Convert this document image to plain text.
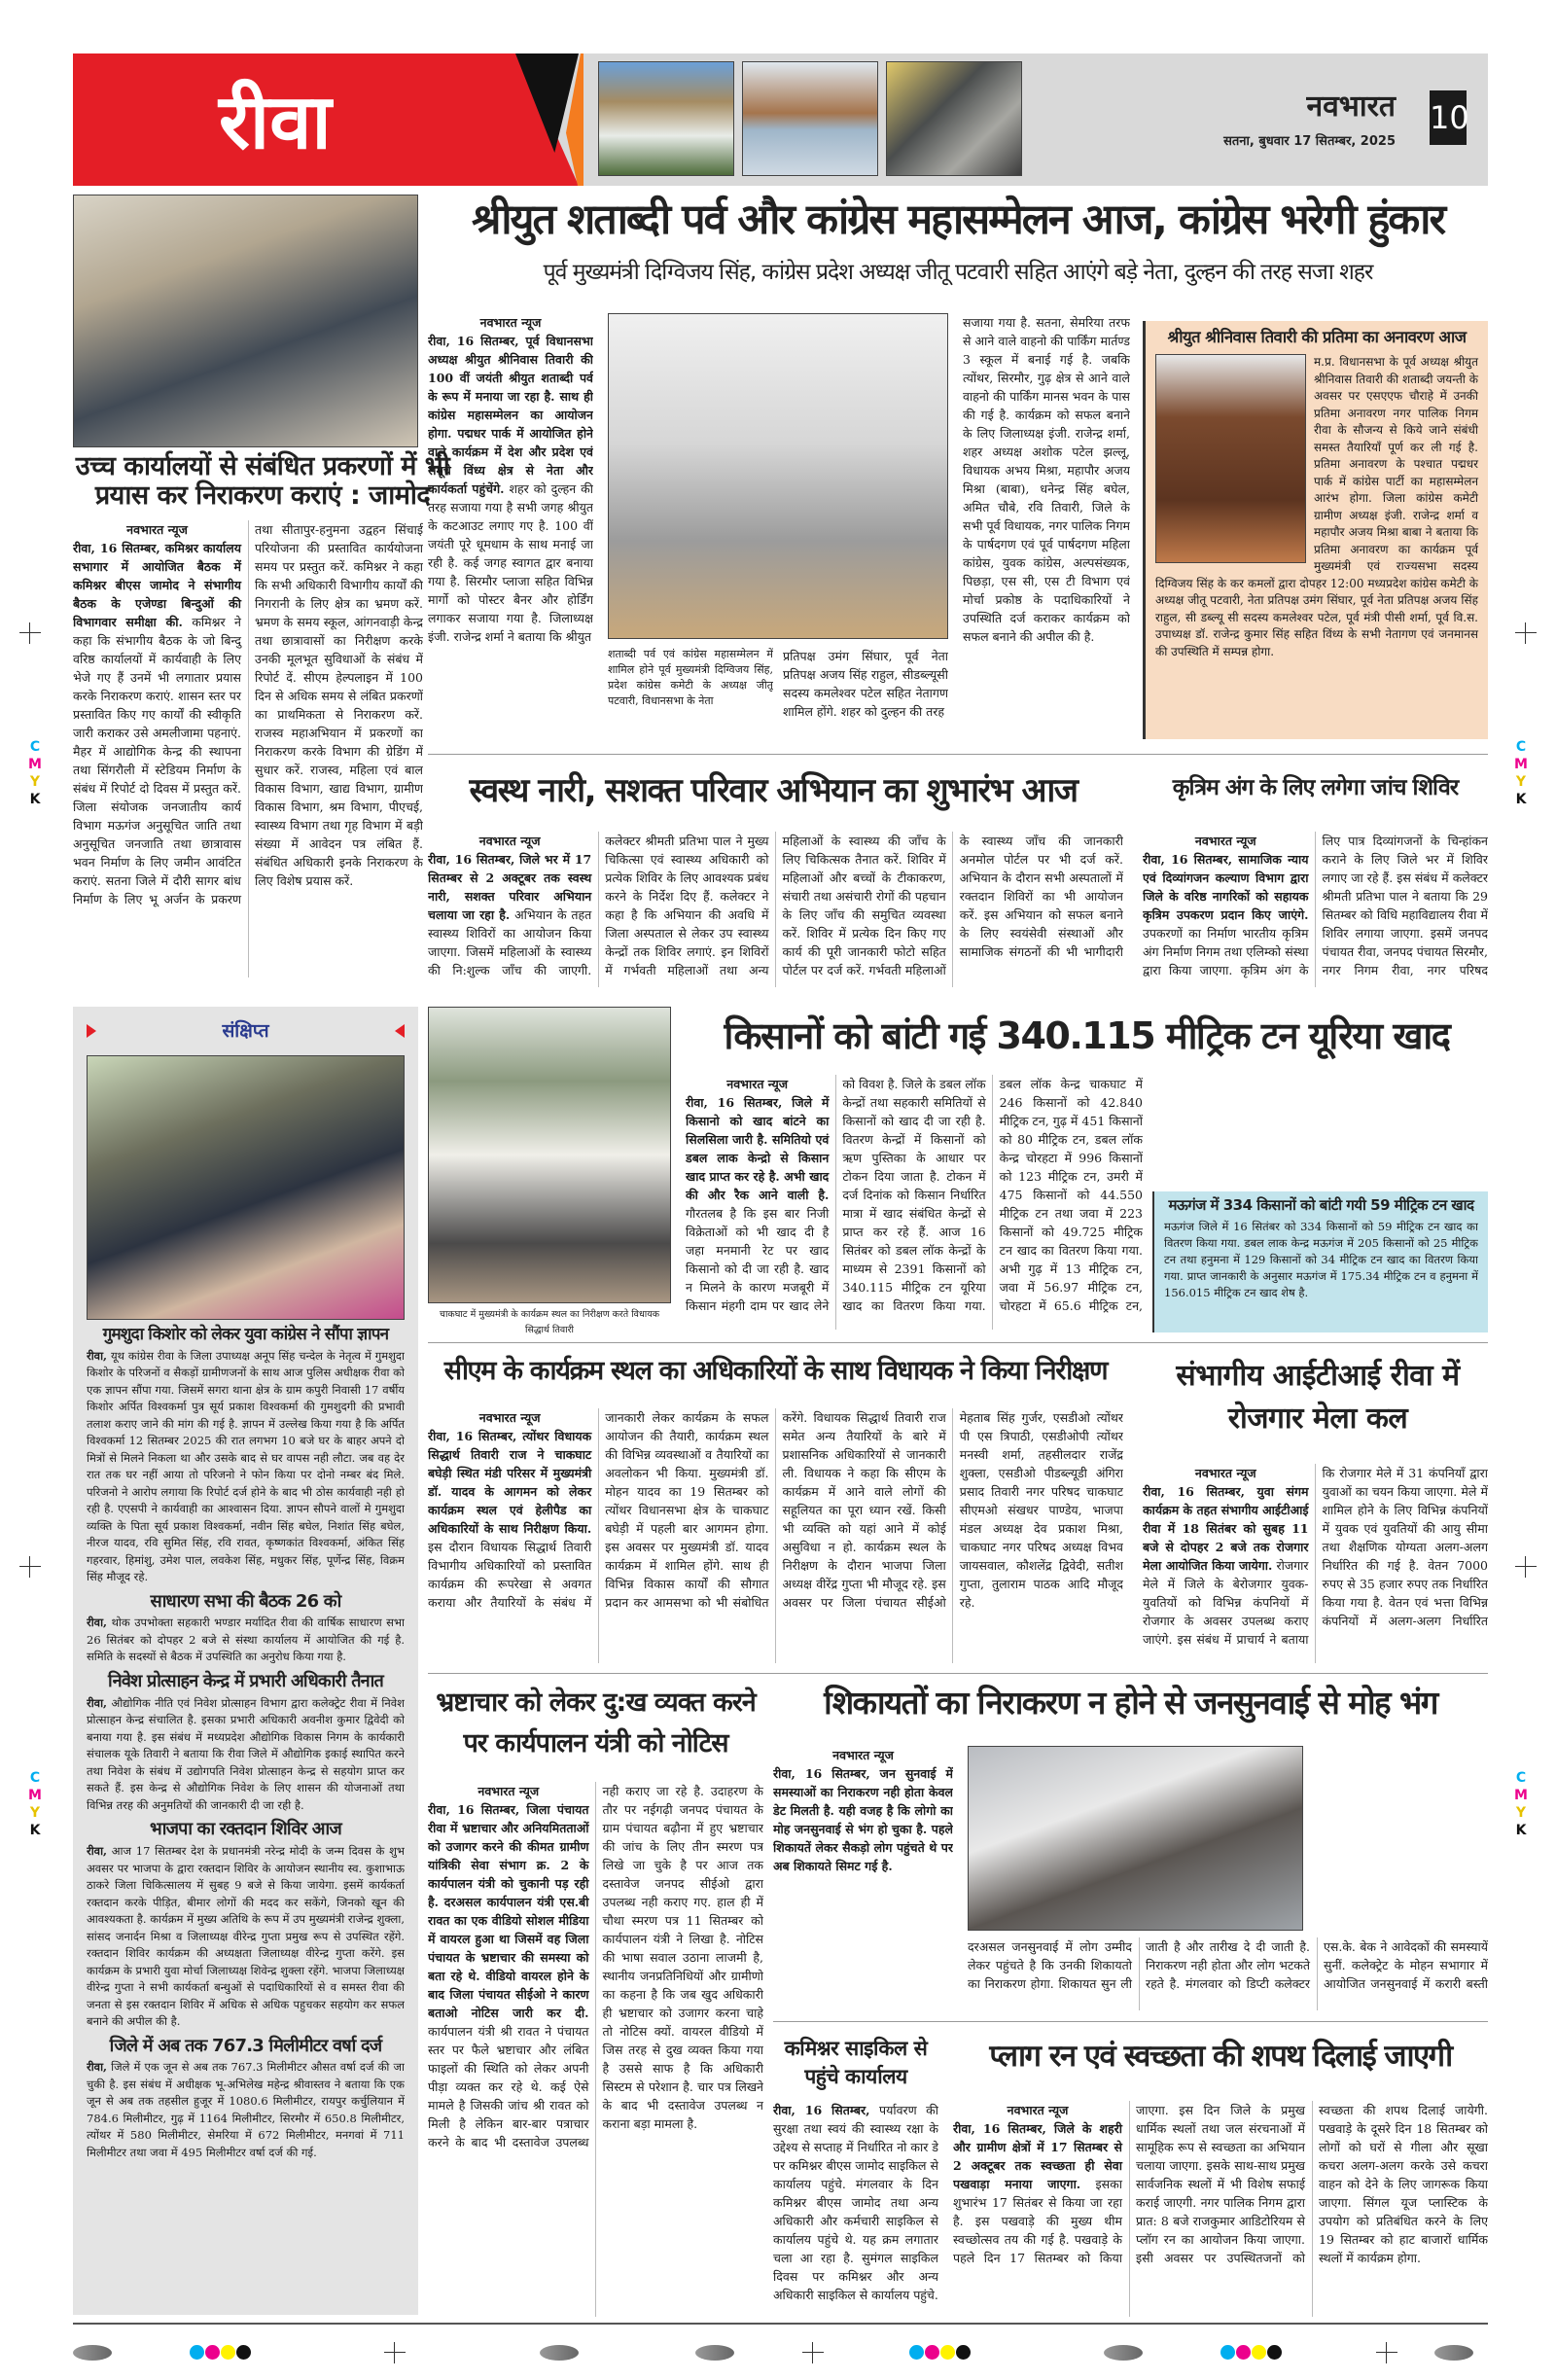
रीवा	नवभारत
सतना, बुधवार 17 सितम्बर, 2025
10
उच्च कार्यालयों से संबंधित प्रकरणों में भी प्रयास कर निराकरण कराएं : जामोद
नवभारत न्यूज
रीवा, 16 सितम्बर, कमिश्नर कार्यालय सभागार में आयोजित बैठक में कमिश्नर बीएस जामोद ने संभागीय बैठक के एजेण्डा बिन्दुओं की विभागवार समीक्षा की. कमिश्नर ने कहा कि संभागीय बैठक के जो बिन्दु वरिष्ठ कार्यालयों में कार्यवाही के लिए भेजे गए हैं उनमें भी लगातार प्रयास करके निराकरण कराएं. शासन स्तर पर प्रस्तावित किए गए कार्यों की स्वीकृति जारी कराकर उसे अमलीजामा पहनाएं. मैहर में आद्योगिक केन्द्र की स्थापना तथा सिंगरौली में स्टेडियम निर्माण के संबंध में रिपोर्ट दो दिवस में प्रस्तुत करें. जिला संयोजक जनजातीय कार्य विभाग मऊगंज अनुसूचित जाति तथा अनुसूचित जनजाति तथा छात्रावास भवन निर्माण के लिए जमीन आवंटित कराएं. सतना जिले में दौरी सागर बांध निर्माण के लिए भू अर्जन के प्रकरण तथा सीतापुर-हनुमना उद्वहन सिंचाई परियोजना की प्रस्तावित कार्ययोजना समय पर प्रस्तुत करें. कमिश्नर ने कहा कि सभी अधिकारी विभागीय कार्यों की निगरानी के लिए क्षेत्र का भ्रमण करें. भ्रमण के समय स्कूल, आंगनवाड़ी केन्द्र तथा छात्रावासों का निरीक्षण करके उनकी मूलभूत सुविधाओं के संबंध में रिपोर्ट दें. सीएम हेल्पलाइन में 100 दिन से अधिक समय से लंबित प्रकरणों का प्राथमिकता से निराकरण करें. राजस्व महाअभियान में प्रकरणों का निराकरण करके विभाग की ग्रेडिंग में सुधार करें. राजस्व, महिला एवं बाल विकास विभाग, खाद्य विभाग, ग्रामीण विकास विभाग, श्रम विभाग, पीएचई, स्वास्थ्य विभाग तथा गृह विभाग में बड़ी संख्या में आवेदन पत्र लंबित हैं. संबंधित अधिकारी इनके निराकरण के लिए विशेष प्रयास करें.
श्रीयुत शताब्दी पर्व और कांग्रेस महासम्मेलन आज, कांग्रेस भरेगी हुंकार
पूर्व मुख्यमंत्री दिग्विजय सिंह, कांग्रेस प्रदेश अध्यक्ष जीतू पटवारी सहित आएंगे बड़े नेता, दुल्हन की तरह सजा शहर
नवभारत न्यूज
रीवा, 16 सितम्बर, पूर्व विधानसभा अध्यक्ष श्रीयुत श्रीनिवास तिवारी की 100 वीं जयंती श्रीयुत शताब्दी पर्व के रूप में मनाया जा रहा है. साथ ही कांग्रेस महासम्मेलन का आयोजन होगा. पद्मधर पार्क में आयोजित होने वाले कार्यक्रम में देश और प्रदेश एवं समूचे विंध्य क्षेत्र से नेता और कार्यकर्ता पहुंचेंगे. शहर को दुल्हन की तरह सजाया गया है सभी जगह श्रीयुत के कटआउट लगाए गए है. 100 वीं जयंती पूरे धूमधाम के साथ मनाई जा रही है. कई जगह स्वागत द्वार बनाया गया है. सिरमौर प्लाजा सहित विभिन्न मार्गो को पोस्टर बैनर और होर्डिंग लगाकर सजाया गया है. जिलाध्यक्ष इंजी. राजेन्द्र शर्मा ने बताया कि श्रीयुत
शताब्दी पर्व एवं कांग्रेस महासम्मेलन में शामिल होने पूर्व मुख्यमंत्री दिग्विजय सिंह, प्रदेश कांग्रेस कमेटी के अध्यक्ष जीतू पटवारी, विधानसभा के नेता
प्रतिपक्ष उमंग सिंघार, पूर्व नेता प्रतिपक्ष अजय सिंह राहुल, सीडब्ल्यूसी सदस्य कमलेश्वर पटेल सहित नेतागण शामिल होंगे. शहर को दुल्हन की तरह
सजाया गया है. सतना, सेमरिया तरफ से आने वाले वाहनो की पार्किंग मार्तण्ड 3 स्कूल में बनाई गई है. जबकि त्योंथर, सिरमौर, गुढ़ क्षेत्र से आने वाले वाहनो की पार्किंग मानस भवन के पास की गई है. कार्यक्रम को सफल बनाने के लिए जिलाध्यक्ष इंजी. राजेन्द्र शर्मा, शहर अध्यक्ष अशोक पटेल झल्लू, विधायक अभय मिश्रा, महापौर अजय मिश्रा (बाबा), धनेन्द्र सिंह बघेल, अमित चौबे, रवि तिवारी, जिले के सभी पूर्व विधायक, नगर पालिक निगम के पार्षदगण एवं पूर्व पार्षदगण महिला कांग्रेस, युवक कांग्रेस, अल्पसंख्यक, पिछड़ा, एस सी, एस टी विभाग एवं मोर्चा प्रकोष्ठ के पदाधिकारियों ने उपस्थिति दर्ज कराकर कार्यक्रम को सफल बनाने की अपील की है.
श्रीयुत श्रीनिवास तिवारी की प्रतिमा का अनावरण आज
म.प्र. विधानसभा के पूर्व अध्यक्ष श्रीयुत श्रीनिवास तिवारी की शताब्दी जयन्ती के अवसर पर एसएएफ चौराहे में उनकी प्रतिमा अनावरण नगर पालिक निगम रीवा के सौजन्य से किये जाने संबंधी समस्त तैयारियाँ पूर्ण कर ली गई है. प्रतिमा अनावरण के पश्चात पद्मधर पार्क में कांग्रेस पार्टी का महासम्मेलन आरंभ होगा. जिला कांग्रेस कमेटी ग्रामीण अध्यक्ष इंजी. राजेन्द्र शर्मा व महापौर अजय मिश्रा बाबा ने बताया कि प्रतिमा अनावरण का कार्यक्रम पूर्व मुख्यमंत्री एवं राज्यसभा सदस्य दिग्विजय सिंह के कर कमलों द्वारा दोपहर 12:00 मध्यप्रदेश कांग्रेस कमेटी के अध्यक्ष जीतू पटवारी, नेता प्रतिपक्ष उमंग सिंघार, पूर्व नेता प्रतिपक्ष अजय सिंह राहुल, सी डब्ल्यू सी सदस्य कमलेश्वर पटेल, पूर्व मंत्री पीसी शर्मा, पूर्व वि.स. उपाध्यक्ष डॉ. राजेन्द्र कुमार सिंह सहित विंध्य के सभी नेतागण एवं जनमानस की उपस्थिति में सम्पन्न होगा.
स्वस्थ नारी, सशक्त परिवार अभियान का शुभारंभ आज
नवभारत न्यूज
रीवा, 16 सितम्बर, जिले भर में 17 सितम्बर से 2 अक्टूबर तक स्वस्थ नारी, सशक्त परिवार अभियान चलाया जा रहा है. अभियान के तहत स्वास्थ्य शिविरों का आयोजन किया जाएगा. जिसमें महिलाओं के स्वास्थ्य की नि:शुल्क जाँच की जाएगी. कलेक्टर श्रीमती प्रतिभा पाल ने मुख्य चिकित्सा एवं स्वास्थ्य अधिकारी को प्रत्येक शिविर के लिए आवश्यक प्रबंध करने के निर्देश दिए हैं. कलेक्टर ने कहा है कि अभियान की अवधि में जिला अस्पताल से लेकर उप स्वास्थ्य केन्द्रों तक शिविर लगाएं. इन शिविरों में गर्भवती महिलाओं तथा अन्य महिलाओं के स्वास्थ्य की जाँच के लिए चिकित्सक तैनात करें. शिविर में महिलाओं और बच्चों के टीकाकरण, संचारी तथा असंचारी रोगों की पहचान के लिए जाँच की समुचित व्यवस्था करें. शिविर में प्रत्येक दिन किए गए कार्य की पूरी जानकारी फोटो सहित पोर्टल पर दर्ज करें. गर्भवती महिलाओं के स्वास्थ्य जाँच की जानकारी अनमोल पोर्टल पर भी दर्ज करें. अभियान के दौरान सभी अस्पतालों में रक्तदान शिविरों का भी आयोजन करें. इस अभियान को सफल बनाने के लिए स्वयंसेवी संस्थाओं और सामाजिक संगठनों की भी भागीदारी
कृत्रिम अंग के लिए लगेगा जांच शिविर
नवभारत न्यूज
रीवा, 16 सितम्बर, सामाजिक न्याय एवं दिव्यांगजन कल्याण विभाग द्वारा जिले के वरिष्ठ नागरिकों को सहायक कृत्रिम उपकरण प्रदान किए जाएंगे. उपकरणों का निर्माण भारतीय कृत्रिम अंग निर्माण निगम तथा एलिम्को संस्था द्वारा किया जाएगा. कृत्रिम अंग के लिए पात्र दिव्यांगजनों के चिन्हांकन कराने के लिए जिले भर में शिविर लगाए जा रहे हैं. इस संबंध में कलेक्टर श्रीमती प्रतिभा पाल ने बताया कि 29 सितम्बर को विधि महाविद्यालय रीवा में शिविर लगाया जाएगा. इसमें जनपद पंचायत रीवा, जनपद पंचायत सिरमौर, नगर निगम रीवा, नगर परिषद
संक्षिप्त
गुमशुदा किशोर को लेकर युवा कांग्रेस ने सौंपा ज्ञापन
रीवा, यूथ कांग्रेस रीवा के जिला उपाध्यक्ष अनूप सिंह चन्देल के नेतृत्व में गुमशुदा किशोर के परिजनों व सैकड़ों ग्रामीणजनों के साथ आज पुलिस अधीक्षक रीवा को एक ज्ञापन सौंपा गया. जिसमें सगरा थाना क्षेत्र के ग्राम कपुरी निवासी 17 वर्षीय किशोर अर्पित विश्वकर्मा पुत्र सूर्य प्रकाश विश्वकर्मा की गुमशुदगी की प्रभावी तलाश कराए जाने की मांग की गई है. ज्ञापन में उल्लेख किया गया है कि अर्पित विश्वकर्मा 12 सितम्बर 2025 की रात लगभग 10 बजे घर के बाहर अपने दो मित्रों से मिलने निकला था और उसके बाद से घर वापस नही लौटा. जब वह देर रात तक घर नहीं आया तो परिजनो ने फोन किया पर दोनो नम्बर बंद मिले. परिजनो ने आरोप लगाया कि रिपोर्ट दर्ज होने के बाद भी ठोस कार्यवाही नही हो रही है. एएसपी ने कार्यवाही का आश्वासन दिया. ज्ञापन सौपने वालों मे गुमशुदा व्यक्ति के पिता सूर्य प्रकाश विश्वकर्मा, नवीन सिंह बघेल, निशांत सिंह बघेल, नीरज यादव, रवि सुमित सिंह, रवि रावत, कृष्णकांत विश्वकर्मा, अंकित सिंह गहरवार, हिमांशु, उमेश पाल, लवकेश सिंह, मधुकर सिंह, पूर्णेन्द्र सिंह, विक्रम सिंह मौजूद रहे.
साधारण सभा की बैठक 26 को
रीवा, थोक उपभोक्ता सहकारी भण्डार मर्यादित रीवा की वार्षिक साधारण सभा 26 सितंबर को दोपहर 2 बजे से संस्था कार्यालय में आयोजित की गई है. समिति के सदस्यों से बैठक में उपस्थिति का अनुरोध किया गया है.
निवेश प्रोत्साहन केन्द्र में प्रभारी अधिकारी तैनात
रीवा, औद्योगिक नीति एवं निवेश प्रोत्साहन विभाग द्वारा कलेक्ट्रेट रीवा में निवेश प्रोत्साहन केन्द्र संचालित है. इसका प्रभारी अधिकारी अवनीश कुमार द्विवेदी को बनाया गया है. इस संबंध में मध्यप्रदेश औद्योगिक विकास निगम के कार्यकारी संचालक यूके तिवारी ने बताया कि रीवा जिले में औद्योगिक इकाई स्थापित करने तथा निवेश के संबंध में उद्योगपति निवेश प्रोत्साहन केन्द्र से सहयोग प्राप्त कर सकते हैं. इस केन्द्र से औद्योगिक निवेश के लिए शासन की योजनाओं तथा विभिन्न तरह की अनुमतियों की जानकारी दी जा रही है.
भाजपा का रक्तदान शिविर आज
रीवा, आज 17 सितम्बर देश के प्रधानमंत्री नरेन्द्र मोदी के जन्म दिवस के शुभ अवसर पर भाजपा के द्वारा रक्तदान शिविर के आयोजन स्थानीय स्व. कुशाभाऊ ठाकरे जिला चिकित्सालय में सुबह 9 बजे से किया जायेगा. इसमें कार्यकर्ता रक्तदान करके पीड़ित, बीमार लोगों की मदद कर सकेंगे, जिनको खून की आवश्यकता है. कार्यक्रम में मुख्य अतिथि के रूप में उप मुख्यमंत्री राजेन्द्र शुक्ला, सांसद जनार्दन मिश्रा व जिलाध्यक्ष वीरेन्द्र गुप्ता प्रमुख रूप से उपस्थित रहेंगे. रक्तदान शिविर कार्यक्रम की अध्यक्षता जिलाध्यक्ष वीरेन्द्र गुप्ता करेंगे. इस कार्यक्रम के प्रभारी युवा मोर्चा जिलाध्यक्ष शिवेन्द्र शुक्ला रहेंगे. भाजपा जिलाध्यक्ष वीरेन्द्र गुप्ता ने सभी कार्यकर्ता बन्धुओं से पदाधिकारियों से व समस्त रीवा की जनता से इस रक्तदान शिविर में अधिक से अधिक पहुचकर सहयोग कर सफल बनाने की अपील की है.
जिले में अब तक 767.3 मिलीमीटर वर्षा दर्ज
रीवा, जिले में एक जून से अब तक 767.3 मिलीमीटर औसत वर्षा दर्ज की जा चुकी है. इस संबंध में अधीक्षक भू-अभिलेख महेन्द्र श्रीवास्तव ने बताया कि एक जून से अब तक तहसील हुजूर में 1080.6 मिलीमीटर, रायपुर कर्चुलियान में 784.6 मिलीमीटर, गुढ़ में 1164 मिलीमीटर, सिरमौर में 650.8 मिलीमीटर, त्योंथर में 580 मिलीमीटर, सेमरिया में 672 मिलीमीटर, मनगवां में 711 मिलीमीटर तथा जवा में 495 मिलीमीटर वर्षा दर्ज की गई.
चाकघाट में मुख्यमंत्री के कार्यक्रम स्थल का निरीक्षण करते विधायक सिद्धार्थ तिवारी
किसानों को बांटी गई 340.115 मीट्रिक टन यूरिया खाद
नवभारत न्यूज
रीवा, 16 सितम्बर, जिले में किसानो को खाद बांटने का सिलसिला जारी है. समितियो एवं डबल लाक केन्द्रो से किसान खाद प्राप्त कर रहे है. अभी खाद की और रैक आने वाली है. गौरतलब है कि इस बार निजी विक्रेताओं को भी खाद दी है जहा मनमानी रेट पर खाद किसानो को दी जा रही है. खाद न मिलने के कारण मजबूरी में किसान मंहगी दाम पर खाद लेने को विवश है. जिले के डबल लॉक केन्द्रों तथा सहकारी समितियों से किसानों को खाद दी जा रही है. वितरण केन्द्रों में किसानों को ऋण पुस्तिका के आधार पर टोकन दिया जाता है. टोकन में दर्ज दिनांक को किसान निर्धारित मात्रा में खाद संबंधित केन्द्रों से प्राप्त कर रहे हैं. आज 16 सितंबर को डबल लॉक केन्द्रों के माध्यम से 2391 किसानों को 340.115 मीट्रिक टन यूरिया खाद का वितरण किया गया. डबल लॉक केन्द्र चाकघाट में 246 किसानों को 42.840 मीट्रिक टन, गुढ़ में 451 किसानों को 80 मीट्रिक टन, डबल लॉक केन्द्र चोरहटा में 996 किसानों को 123 मीट्रिक टन, उमरी में 475 किसानों को 44.550 मीट्रिक टन तथा जवा में 223 किसानों को 49.725 मीट्रिक टन खाद का वितरण किया गया. अभी गुढ़ में 13 मीट्रिक टन, जवा में 56.97 मीट्रिक टन, चोरहटा में 65.6 मीट्रिक टन,
मऊगंज में 334 किसानों को बांटी गयी 59 मीट्रिक टन खाद
मऊगंज जिले में 16 सितंबर को 334 किसानों को 59 मीट्रिक टन खाद का वितरण किया गया. डबल लाक केन्द्र मऊगंज में 205 किसानों को 25 मीट्रिक टन तथा हनुमना में 129 किसानों को 34 मीट्रिक टन खाद का वितरण किया गया. प्राप्त जानकारी के अनुसार मऊगंज में 175.34 मीट्रिक टन व हनुमना में 156.015 मीट्रिक टन खाद शेष है.
सीएम के कार्यक्रम स्थल का अधिकारियों के साथ विधायक ने किया निरीक्षण
नवभारत न्यूज
रीवा, 16 सितम्बर, त्योंथर विधायक सिद्धार्थ तिवारी राज ने चाकघाट बघेड़ी स्थित मंडी परिसर में मुख्यमंत्री डॉ. यादव के आगमन को लेकर कार्यक्रम स्थल एवं हेलीपैड का अधिकारियों के साथ निरीक्षण किया. इस दौरान विधायक सिद्धार्थ तिवारी विभागीय अधिकारियों को प्रस्तावित कार्यक्रम की रूपरेखा से अवगत कराया और तैयारियों के संबंध में जानकारी लेकर कार्यक्रम के सफल आयोजन की तैयारी, कार्यक्रम स्थल की विभिन्न व्यवस्थाओं व तैयारियों का अवलोकन भी किया. मुख्यमंत्री डॉ. मोहन यादव का 19 सितम्बर को त्योंथर विधानसभा क्षेत्र के चाकघाट बघेड़ी में पहली बार आगमन होगा. इस अवसर पर मुख्यमंत्री डॉ. यादव कार्यक्रम में शामिल होंगे. साथ ही विभिन्न विकास कार्यों की सौगात प्रदान कर आमसभा को भी संबोधित करेंगे. विधायक सिद्धार्थ तिवारी राज समेत अन्य तैयारियों के बारे में प्रशासनिक अधिकारियों से जानकारी ली. विधायक ने कहा कि सीएम के कार्यक्रम में आने वाले लोगों की सहूलियत का पूरा ध्यान रखें. किसी भी व्यक्ति को यहां आने में कोई असुविधा न हो. कार्यक्रम स्थल के निरीक्षण के दौरान भाजपा जिला अध्यक्ष वीरेंद्र गुप्ता भी मौजूद रहे. इस अवसर पर जिला पंचायत सीईओ मेहताब सिंह गुर्जर, एसडीओ त्योंथर पी एस त्रिपाठी, एसडीओपी त्योंथर मनस्वी शर्मा, तहसीलदार राजेंद्र शुक्ला, एसडीओ पीडब्ल्यूडी अंगिरा प्रसाद तिवारी नगर परिषद चाकघाट सीएमओ संखधर पाण्डेय, भाजपा मंडल अध्यक्ष देव प्रकाश मिश्रा, चाकघाट नगर परिषद अध्यक्ष विभव जायसवाल, कौशलेंद्र द्विवेदी, सतीश गुप्ता, तुलाराम पाठक आदि मौजूद रहे.
संभागीय आईटीआई रीवा में रोजगार मेला कल
नवभारत न्यूज
रीवा, 16 सितम्बर, युवा संगम कार्यक्रम के तहत संभागीय आईटीआई रीवा में 18 सितंबर को सुबह 11 बजे से दोपहर 2 बजे तक रोजगार मेला आयोजित किया जायेगा. रोजगार मेले में जिले के बेरोजगार युवक-युवतियों को विभिन्न कंपनियों में रोजगार के अवसर उपलब्ध कराए जाएंगे. इस संबंध में प्राचार्य ने बताया कि रोजगार मेले में 31 कंपनियाँ द्वारा युवाओं का चयन किया जाएगा. मेले में शामिल होने के लिए विभिन्न कंपनियों में युवक एवं युवतियों की आयु सीमा तथा शैक्षणिक योग्यता अलग-अलग निर्धारित की गई है. वेतन 7000 रुपए से 35 हजार रुपए तक निर्धारित किया गया है. वेतन एवं भत्ता विभिन्न कंपनियों में अलग-अलग निर्धारित
भ्रष्टाचार को लेकर दु:ख व्यक्त करने पर कार्यपालन यंत्री को नोटिस
नवभारत न्यूज
रीवा, 16 सितम्बर, जिला पंचायत रीवा में भ्रष्टाचार और अनियमितताओं को उजागर करने की कीमत ग्रामीण यांत्रिकी सेवा संभाग क्र. 2 के कार्यपालन यंत्री को चुकानी पड़ रही है. दरअसल कार्यपालन यंत्री एस.बी रावत का एक वीडियो सोशल मीडिया में वायरल हुआ था जिसमें वह जिला पंचायत के भ्रष्टाचार की समस्या को बता रहे थे. वीडियो वायरल होने के बाद जिला पंचायत सीईओ ने कारण बताओ नोटिस जारी कर दी. कार्यपालन यंत्री श्री रावत ने पंचायत स्तर पर फैले भ्रष्टाचार और लंबित फाइलों की स्थिति को लेकर अपनी पीड़ा व्यक्त कर रहे थे. कई ऐसे मामले है जिसकी जांच श्री रावत को मिली है लेकिन बार-बार पत्राचार करने के बाद भी दस्तावेज उपलब्ध नही कराए जा रहे है. उदाहरण के तौर पर नईगढ़ी जनपद पंचायत के ग्राम पंचायत बढ़ौना में हुए भ्रष्टाचार की जांच के लिए तीन स्मरण पत्र लिखे जा चुके है पर आज तक दस्तावेज जनपद सीईओ द्वारा उपलब्ध नही कराए गए. हाल ही में चौथा स्मरण पत्र 11 सितम्बर को कार्यपालन यंत्री ने लिखा है. नोटिस की भाषा सवाल उठाना लाजमी है, स्थानीय जनप्रतिनिधियों और ग्रामीणो का कहना है कि जब खुद अधिकारी ही भ्रष्टाचार को उजागर करना चाहे तो नोटिस क्यों. वायरल वीडियो में जिस तरह से दुख व्यक्त किया गया है उससे साफ है कि अधिकारी सिस्टम से परेशान है. चार पत्र लिखने के बाद भी दस्तावेज उपलब्ध न कराना बड़ा मामला है.
शिकायतों का निराकरण न होने से जनसुनवाई से मोह भंग
नवभारत न्यूज
रीवा, 16 सितम्बर, जन सुनवाई में समस्याओं का निराकरण नही होता केवल डेट मिलती है. यही वजह है कि लोगो का मोह जनसुनवाई से भंग हो चुका है. पहले शिकायतें लेकर सैकड़ो लोग पहुंचते थे पर अब शिकायते सिमट गई है.
दरअसल जनसुनवाई में लोग उम्मीद लेकर पहुंचते है कि उनकी शिकायतो का निराकरण होगा. शिकायत सुन ली जाती है और तारीख दे दी जाती है. निराकरण नही होता और लोग भटकते रहते है. मंगलवार को डिप्टी कलेक्टर एस.के. बेक ने आवेदकों की समस्यायें सुनीं. कलेक्ट्रेट के मोहन सभागार में आयोजित जनसुनवाई में करारी बस्ती
कमिश्नर साइकिल से पहुंचे कार्यालय
रीवा, 16 सितम्बर, पर्यावरण की सुरक्षा तथा स्वयं की स्वास्थ्य रक्षा के उद्देश्य से सप्ताह में निर्धारित नो कार डे पर कमिश्नर बीएस जामोद साइकिल से कार्यालय पहुंचे. मंगलवार के दिन कमिश्नर बीएस जामोद तथा अन्य अधिकारी और कर्मचारी साइकिल से कार्यालय पहुंचे थे. यह क्रम लगातार चला आ रहा है. सुमंगल साइकिल दिवस पर कमिश्नर और अन्य अधिकारी साइकिल से कार्यालय पहुंचे.
प्लाग रन एवं स्वच्छता की शपथ दिलाई जाएगी
नवभारत न्यूज
रीवा, 16 सितम्बर, जिले के शहरी और ग्रामीण क्षेत्रों में 17 सितम्बर से 2 अक्टूबर तक स्वच्छता ही सेवा पखवाड़ा मनाया जाएगा. इसका शुभारंभ 17 सितंबर से किया जा रहा है. इस पखवाड़े की मुख्य थीम स्वच्छोत्सव तय की गई है. पखवाड़े के पहले दिन 17 सितम्बर को किया जाएगा. इस दिन जिले के प्रमुख धार्मिक स्थलों तथा जल संरचनाओं में सामूहिक रूप से स्वच्छता का अभियान चलाया जाएगा. इसके साथ-साथ प्रमुख सार्वजनिक स्थलों में भी विशेष सफाई कराई जाएगी. नगर पालिक निगम द्वारा प्रात: 8 बजे राजकुमार आडिटोरियम से प्लॉग रन का आयोजन किया जाएगा. इसी अवसर पर उपस्थितजनों को स्वच्छता की शपथ दिलाई जायेगी. पखवाड़े के दूसरे दिन 18 सितम्बर को लोगों को घरों से गीला और सूखा कचरा अलग-अलग करके उसे कचरा वाहन को देने के लिए जागरूक किया जाएगा. सिंगल यूज प्लास्टिक के उपयोग को प्रतिबंधित करने के लिए 19 सितम्बर को हाट बाजारों धार्मिक स्थलों में कार्यक्रम होगा.
CMYK
CMYK
CMYK
CMYK
